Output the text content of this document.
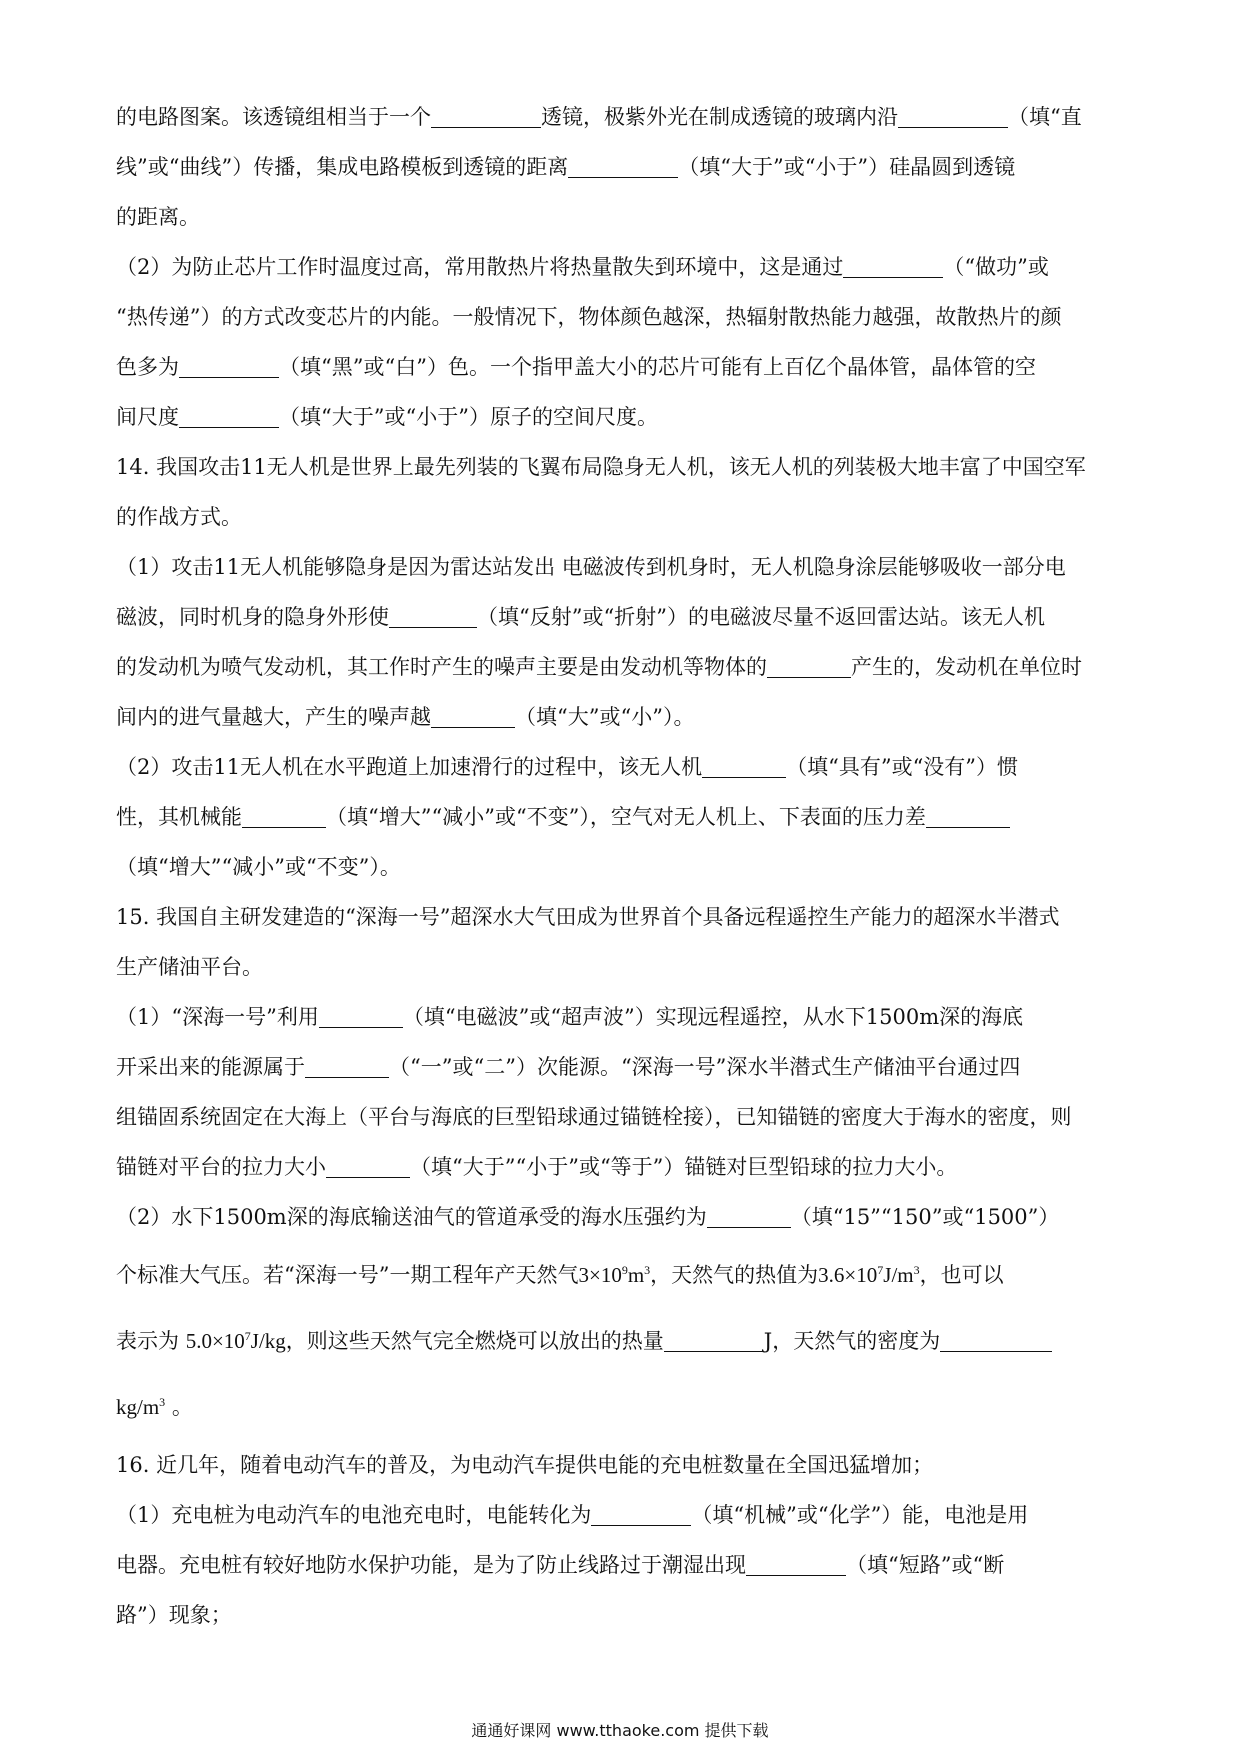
的电路图案。该透镜组相当于一个	透镜，极紫外光在制成透镜的玻璃内沿	（填“直
线”或“曲线”）传播，集成电路模板到透镜的距离	（填“大于”或“小于”）硅晶圆到透镜
的距离。
（2）为防止芯片工作时温度过高，常用散热片将热量散失到环境中，这是通过	（“做功”或
“热传递”）的方式改变芯片的内能。一般情况下，物体颜色越深，热辐射散热能力越强，故散热片的颜
色多为	（填“黑”或“白”）色。一个指甲盖大小的芯片可能有上百亿个晶体管，晶体管的空
间尺度	（填“大于”或“小于”）原子的空间尺度。
14. 我国攻击11无人机是世界上最先列装的飞翼布局隐身无人机，该无人机的列装极大地丰富了中国空军
的作战方式。
（1）攻击11无人机能够隐身是因为雷达站发出 电磁波传到机身时，无人机隐身涂层能够吸收一部分电
磁波，同时机身的隐身外形使	（填“反射”或“折射”）的电磁波尽量不返回雷达站。该无人机
的发动机为喷气发动机，其工作时产生的噪声主要是由发动机等物体的	产生的，发动机在单位时
间内的进气量越大，产生的噪声越	（填“大”或“小”）。
（2）攻击11无人机在水平跑道上加速滑行的过程中，该无人机	（填“具有”或“没有”）惯
性，其机械能	（填“增大”“减小”或“不变”），空气对无人机上、下表面的压力差
（填“增大”“减小”或“不变”）。
15. 我国自主研发建造的“深海一号”超深水大气田成为世界首个具备远程遥控生产能力的超深水半潜式
生产储油平台。
（1）“深海一号”利用	（填“电磁波”或“超声波”）实现远程遥控，从水下1500m深的海底
开采出来的能源属于	（“一”或“二”）次能源。“深海一号”深水半潜式生产储油平台通过四
组锚固系统固定在大海上（平台与海底的巨型铅球通过锚链栓接），已知锚链的密度大于海水的密度，则
锚链对平台的拉力大小	（填“大于”“小于”或“等于”）锚链对巨型铅球的拉力大小。
（2）水下1500m深的海底输送油气的管道承受的海水压强约为	（填“15”“150”或“1500”）
个标准大气压。若“深海一号”一期工程年产天然气$3\times 10^9m^3$，天然气的热值为$3.6\times 10^7J/m^3$，也可以
表示为 $5.0\times 10^7J/kg$，则这些天然气完全燃烧可以放出的热量	J，天然气的密度为
$kg/m^3$ 。
16. 近几年，随着电动汽车的普及，为电动汽车提供电能的充电桩数量在全国迅猛增加；
（1）充电桩为电动汽车的电池充电时，电能转化为	（填“机械”或“化学”）能，电池是用
电器。充电桩有较好地防水保护功能，是为了防止线路过于潮湿出现	（填“短路”或“断
路”）现象；
通通好课网 www.tthaoke.com 提供下载
